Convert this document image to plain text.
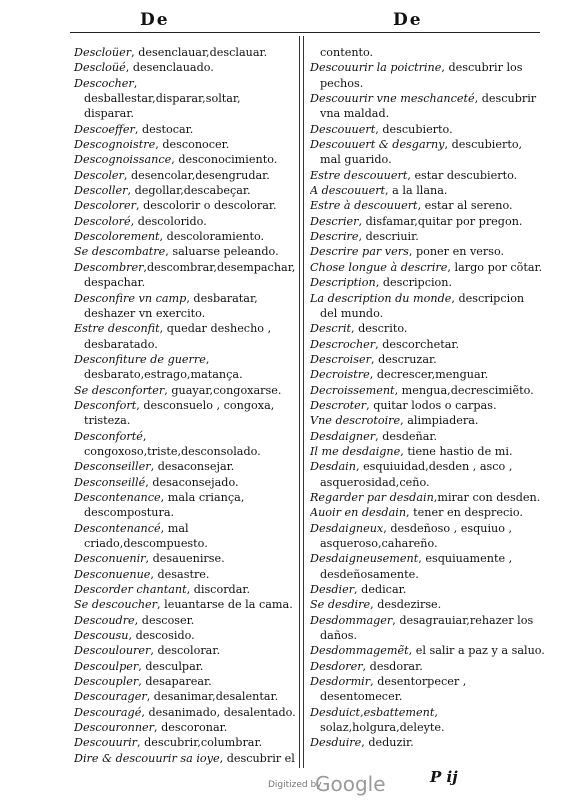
De	De
Descloüer, desenclauar,desclauar.
Descloüé, desenclauado.
Descocher, desballestar,disparar,soltar,
disparar.
Descoeffer, destocar.
Descognoistre, desconocer.
Descognoissance, desconocimiento.
Descoler, desencolar,desengrudar.
Descoller, degollar,descabeçar.
Descolorer, descolorir o descolorar.
Descoloré, descolorido.
Descolorement, descoloramiento.
Se descombatre, saluarse peleando.
Descombrer,descombrar,desempachar,
despachar.
Desconfire vn camp, desbaratar, deshazer vn exercito.
Estre desconfit, quedar deshecho , desbaratado.
Desconfiture de guerre, desbarato,estrago,matança.
Se desconforter, guayar,congoxarse.
Desconfort, desconsuelo , congoxa, tristeza.
Desconforté, congoxoso,triste,desconsolado.
Desconseiller, desaconsejar.
Desconseillé, desaconsejado.
Descontenance, mala criança, descompostura.
Descontenancé, mal criado,descompuesto.
Desconuenir, desauenirse.
Desconuenue, desastre.
Descorder chantant, discordar.
Se descoucher, leuantarse de la cama.
Descoudre, descoser.
Descousu, descosido.
Descoulourer, descolorar.
Descoulper, desculpar.
Descoupler, desaparear.
Descourager, desanimar,desalentar.
Descouragé, desanimado, desalentado.
Descouronner, descoronar.
Descouurir, descubrir,columbrar.
Dire & descouurir sa ioye, descubrir el
contento.
Descouurir la poictrine, descubrir los pechos.
Descouurir vne meschanceté, descubrir vna maldad.
Descouuert, descubierto.
Descouuert & desgarny, descubierto, mal guarido.
Estre descouuert, estar descubierto.
A descouuert, a la llana.
Estre à descouuert, estar al sereno.
Descrier, disfamar,quitar por pregon.
Descrire, descriuir.
Descrire par vers, poner en verso.
Chose longue à descrire, largo por cõtar.
Description, descripcion.
La description du monde, descripcion del mundo.
Descrit, descrito.
Descrocher, descorchetar.
Descroiser, descruzar.
Decroistre, decrescer,menguar.
Decroissement, mengua,decrescimiẽto.
Descroter, quitar lodos o carpas.
Vne descrotoire, alimpiadera.
Desdaigner, desdeñar.
Il me desdaigne, tiene hastio de mi.
Desdain, esquiuidad,desden , asco , asquerosidad,ceño.
Regarder par desdain,mirar con desden.
Auoir en desdain, tener en desprecio.
Desdaigneux, desdeñoso , esquiuo , asqueroso,cahareño.
Desdaigneusement, esquiuamente , desdeñosamente.
Desdier, dedicar.
Se desdire, desdezirse.
Desdommager, desagrauiar,rehazer los daños.
Desdommagemẽt, el salir a paz y a saluo.
Desdorer, desdorar.
Desdormir, desentorpecer , desentomecer.
Desduict,esbattement, solaz,holgura,deleyte.
Desduire, deduzir.
Digitized by
Google	P ij
